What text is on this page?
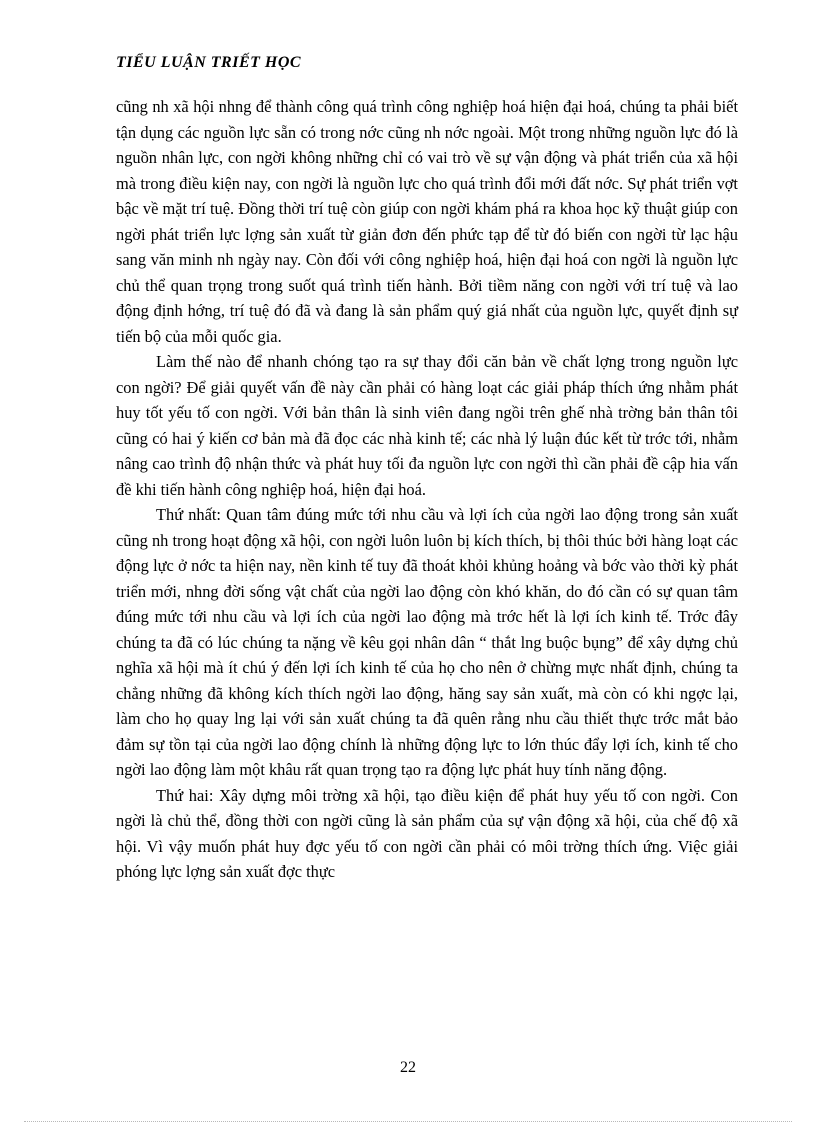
TIỂU LUẬN TRIẾT HỌC

cũng nh xã hội nhng để thành công quá trình công nghiệp hoá hiện đại hoá, chúng ta phải biết tận dụng các nguồn lực sẵn có trong nớc cũng nh nớc ngoài. Một trong những nguồn lực đó là nguồn nhân lực, con ngời không những chỉ có vai trò về sự vận động và phát triển của xã hội mà trong điều kiện nay, con ngời là nguồn lực cho quá trình đổi mới đất nớc. Sự phát triển vợt bậc về mặt trí tuệ. Đồng thời trí tuệ còn giúp con ngời khám phá ra khoa học kỹ thuật giúp con ngời phát triển lực lợng sản xuất từ giản đơn đến phức tạp để từ đó biến con ngời từ lạc hậu sang văn minh nh ngày nay. Còn đối với công nghiệp hoá, hiện đại hoá con ngời là nguồn lực chủ thể quan trọng trong suốt quá trình tiến hành. Bởi tiềm năng con ngời với trí tuệ và lao động định hớng, trí tuệ đó đã và đang là sản phẩm quý giá nhất của nguồn lực, quyết định sự tiến bộ của mỗi quốc gia.

Làm thế nào để nhanh chóng tạo ra sự thay đổi căn bản về chất lợng trong nguồn lực con ngời? Để giải quyết vấn đề này cần phải có hàng loạt các giải pháp thích ứng nhằm phát huy tốt yếu tố con ngời. Với bản thân là sinh viên đang ngồi trên ghế nhà trờng bản thân tôi cũng có hai ý kiến cơ bản mà đã đọc các nhà kinh tế; các nhà lý luận đúc kết từ trớc tới, nhằm nâng cao trình độ nhận thức và phát huy tối đa nguồn lực con ngời thì cần phải đề cập hia vấn đề khi tiến hành công nghiệp hoá, hiện đại hoá.

Thứ nhất: Quan tâm đúng mức tới nhu cầu và lợi ích của ngời lao động trong sản xuất cũng nh trong hoạt động xã hội, con ngời luôn luôn bị kích thích, bị thôi thúc bởi hàng loạt các động lực ở nớc ta hiện nay, nền kinh tế tuy đã thoát khỏi khủng hoảng và bớc vào thời kỳ phát triển mới, nhng đời sống vật chất của ngời lao động còn khó khăn, do đó cần có sự quan tâm đúng mức tới nhu cầu và lợi ích của ngời lao động mà trớc hết là lợi ích kinh tế. Trớc đây chúng ta đã có lúc chúng ta nặng về kêu gọi nhân dân “ thắt lng buộc bụng” để xây dựng chủ nghĩa xã hội mà ít chú ý đến lợi ích kinh tế của họ cho nên ở chừng mực nhất định, chúng ta chẳng những đã không kích thích ngời lao động, hăng say sản xuất, mà còn có khi ngợc lại, làm cho họ quay lng lại với sản xuất chúng ta đã quên rằng nhu cầu thiết thực trớc mắt bảo đảm sự tồn tại của ngời lao động chính là những động lực to lớn thúc đẩy lợi ích, kinh tế cho ngời lao động làm một khâu rất quan trọng tạo ra động lực phát huy tính năng động.

Thứ hai: Xây dựng môi trờng xã hội, tạo điều kiện để phát huy yếu tố con ngời. Con ngời là chủ thể, đồng thời con ngời cũng là sản phẩm của sự vận động xã hội, của chế độ xã hội. Vì vậy muốn phát huy đợc yếu tố con ngời cần phải có môi trờng thích ứng. Việc giải phóng lực lợng sản xuất đợc thực

22
